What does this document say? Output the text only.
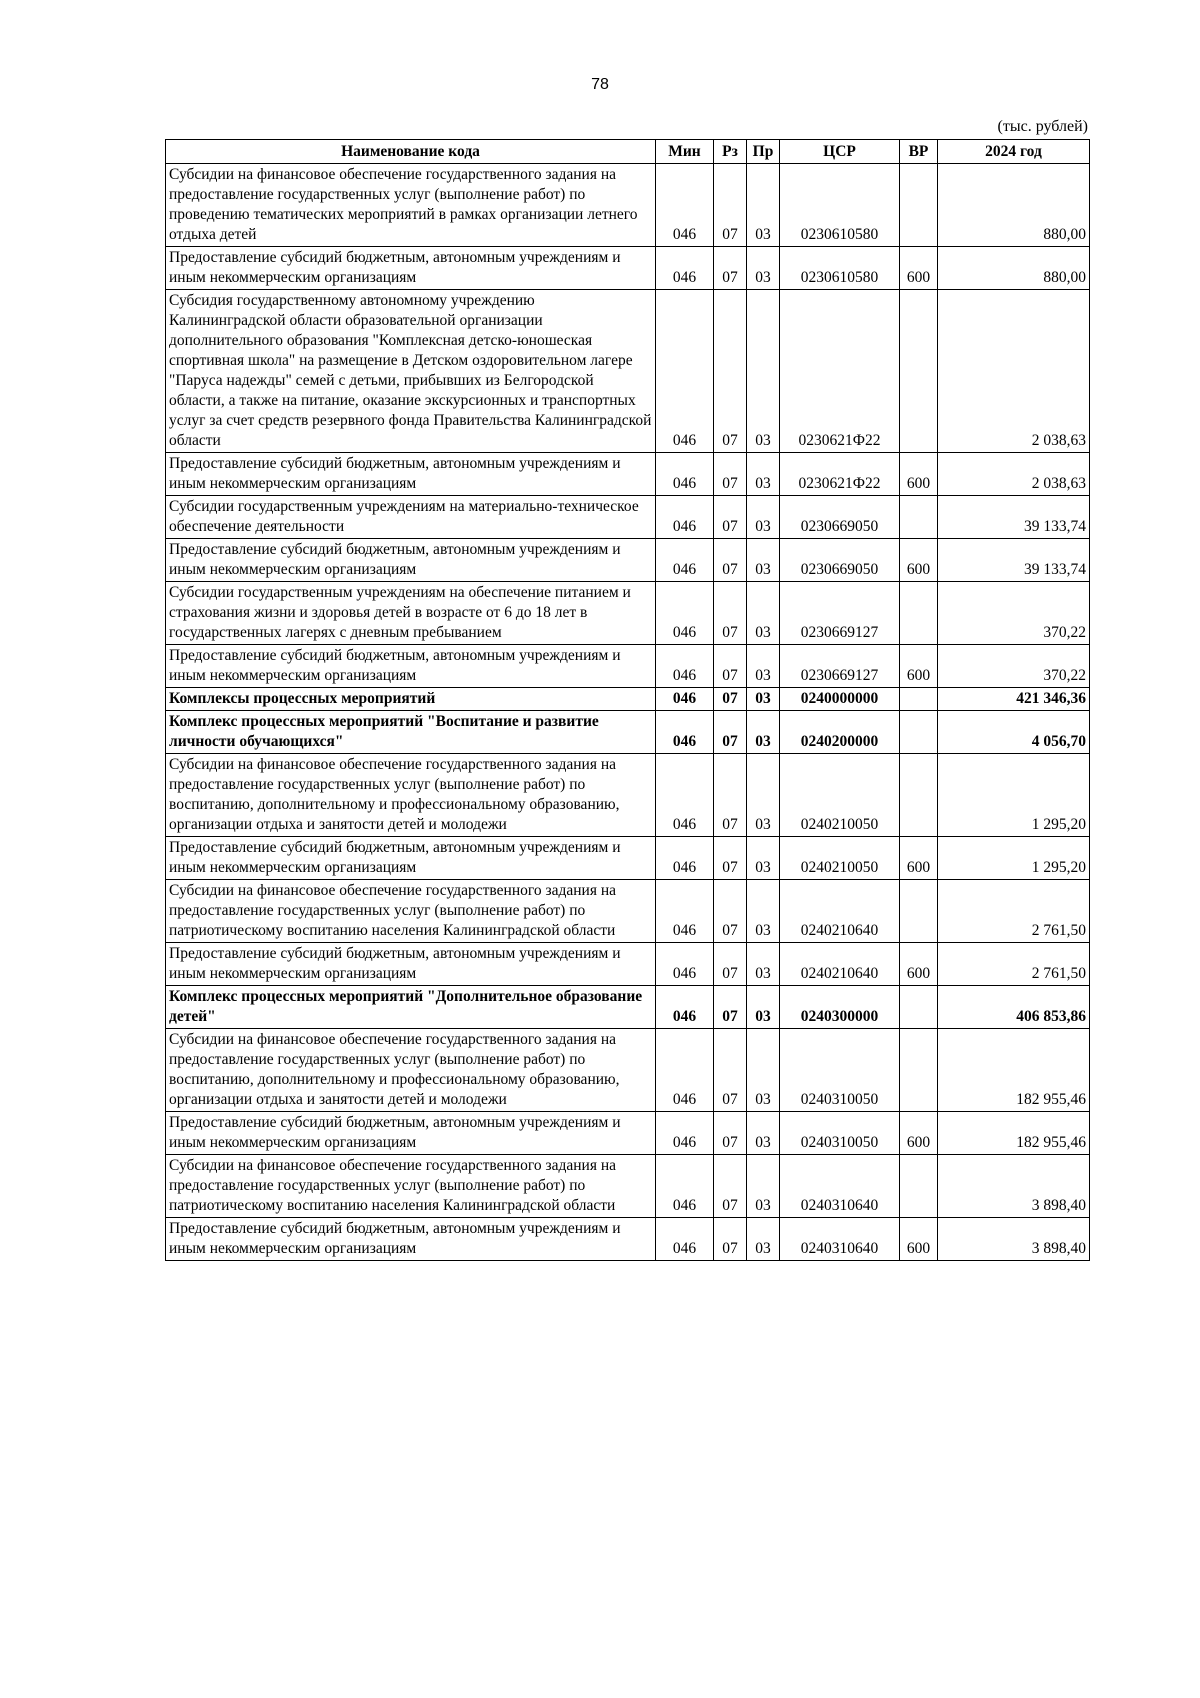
78
(тыс. рублей)
Наименование кода	Мин	Рз	Пр	ЦСР	ВР	2024 год
Субсидии на финансовое обеспечение государственного задания на предоставление государственных услуг (выполнение работ) по проведению тематических мероприятий в рамках организации летнего отдыха детей	046	07	03	0230610580		880,00
Предоставление субсидий бюджетным, автономным учреждениям и иным некоммерческим организациям	046	07	03	0230610580	600	880,00
Субсидия государственному автономному учреждению Калининградской области образовательной организации дополнительного образования "Комплексная детско-юношеская спортивная школа" на размещение в Детском оздоровительном лагере "Паруса надежды" семей с детьми, прибывших из Белгородской области, а также на питание, оказание экскурсионных и транспортных услуг за счет средств резервного фонда Правительства Калининградской области	046	07	03	0230621Ф22		2 038,63
Предоставление субсидий бюджетным, автономным учреждениям и иным некоммерческим организациям	046	07	03	0230621Ф22	600	2 038,63
Субсидии государственным учреждениям на материально-техническое обеспечение деятельности	046	07	03	0230669050		39 133,74
Предоставление субсидий бюджетным, автономным учреждениям и иным некоммерческим организациям	046	07	03	0230669050	600	39 133,74
Субсидии государственным учреждениям на обеспечение питанием и страхования жизни и здоровья детей в возрасте от 6 до 18 лет в государственных лагерях с дневным пребыванием	046	07	03	0230669127		370,22
Предоставление субсидий бюджетным, автономным учреждениям и иным некоммерческим организациям	046	07	03	0230669127	600	370,22
Комплексы процессных мероприятий	046	07	03	0240000000		421 346,36
Комплекс процессных мероприятий "Воспитание и развитие личности обучающихся"	046	07	03	0240200000		4 056,70
Субсидии на финансовое обеспечение государственного задания на предоставление государственных услуг (выполнение работ) по воспитанию, дополнительному и профессиональному образованию, организации отдыха и занятости детей и молодежи	046	07	03	0240210050		1 295,20
Предоставление субсидий бюджетным, автономным учреждениям и иным некоммерческим организациям	046	07	03	0240210050	600	1 295,20
Субсидии на финансовое обеспечение государственного задания на предоставление государственных услуг (выполнение работ) по патриотическому воспитанию населения Калининградской области	046	07	03	0240210640		2 761,50
Предоставление субсидий бюджетным, автономным учреждениям и иным некоммерческим организациям	046	07	03	0240210640	600	2 761,50
Комплекс процессных мероприятий "Дополнительное образование детей"	046	07	03	0240300000		406 853,86
Субсидии на финансовое обеспечение государственного задания на предоставление государственных услуг (выполнение работ) по воспитанию, дополнительному и профессиональному образованию, организации отдыха и занятости детей и молодежи	046	07	03	0240310050		182 955,46
Предоставление субсидий бюджетным, автономным учреждениям и иным некоммерческим организациям	046	07	03	0240310050	600	182 955,46
Субсидии на финансовое обеспечение государственного задания на предоставление государственных услуг (выполнение работ) по патриотическому воспитанию населения Калининградской области	046	07	03	0240310640		3 898,40
Предоставление субсидий бюджетным, автономным учреждениям и иным некоммерческим организациям	046	07	03	0240310640	600	3 898,40
